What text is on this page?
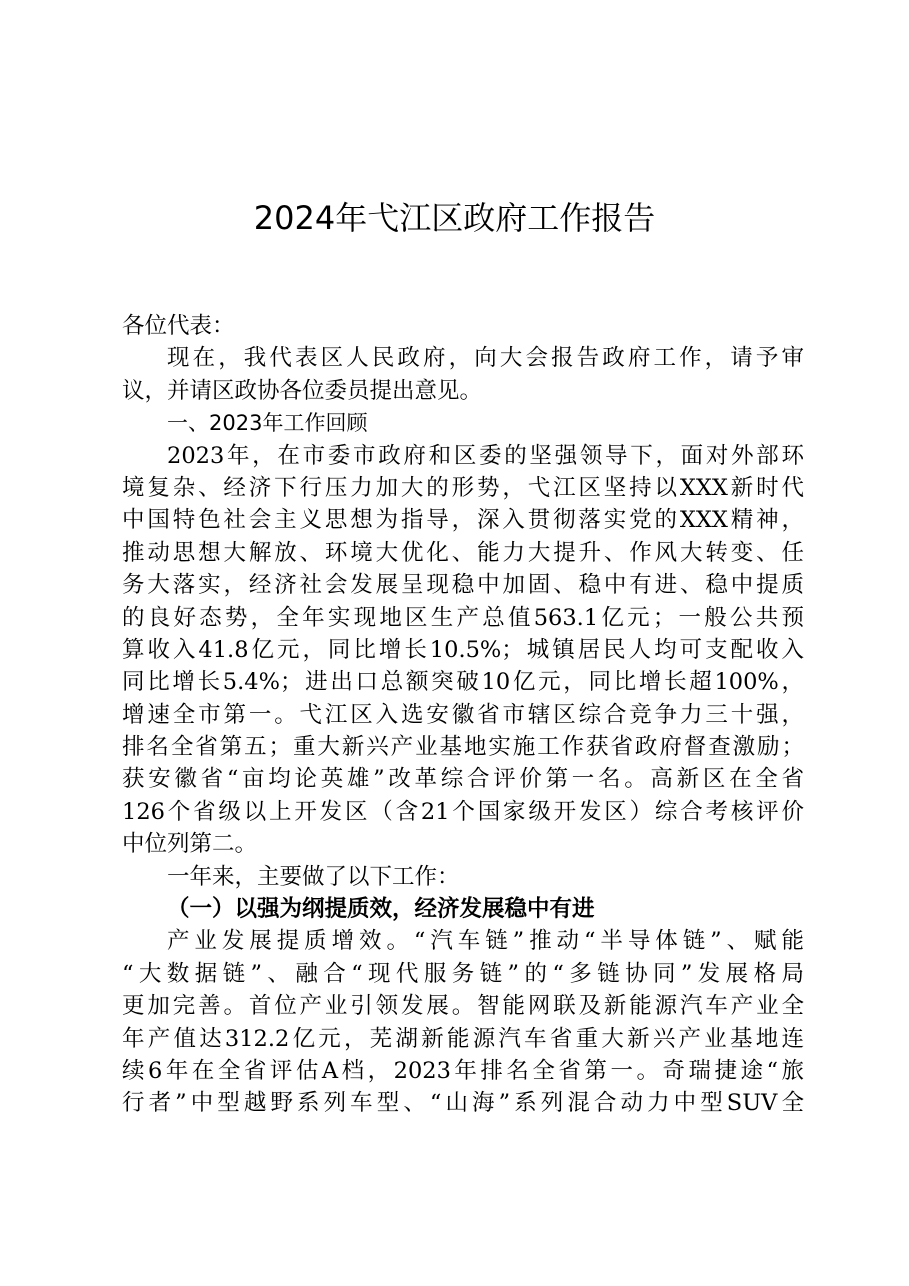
2024年弋江区政府工作报告
各位代表：
现在，我代表区人民政府，向大会报告政府工作，请予审
议，并请区政协各位委员提出意见。
一、2023年工作回顾
2023年，在市委市政府和区委的坚强领导下，面对外部环
境复杂、经济下行压力加大的形势，弋江区坚持以XXX新时代
中国特色社会主义思想为指导，深入贯彻落实党的XXX精神，
推动思想大解放、环境大优化、能力大提升、作风大转变、任
务大落实，经济社会发展呈现稳中加固、稳中有进、稳中提质
的良好态势，全年实现地区生产总值563.1亿元；一般公共预
算收入41.8亿元，同比增长10.5%；城镇居民人均可支配收入
同比增长5.4%；进出口总额突破10亿元，同比增长超100%，
增速全市第一。弋江区入选安徽省市辖区综合竞争力三十强，
排名全省第五；重大新兴产业基地实施工作获省政府督查激励；
获安徽省“亩均论英雄”改革综合评价第一名。高新区在全省
126个省级以上开发区（含21个国家级开发区）综合考核评价
中位列第二。
一年来，主要做了以下工作：
（一）以强为纲提质效，经济发展稳中有进
产业发展提质增效。“汽车链”推动“半导体链”、赋能
“大数据链”、融合“现代服务链”的“多链协同”发展格局
更加完善。首位产业引领发展。智能网联及新能源汽车产业全
年产值达312.2亿元，芜湖新能源汽车省重大新兴产业基地连
续6年在全省评估A档，2023年排名全省第一。奇瑞捷途“旅
行者”中型越野系列车型、“山海”系列混合动力中型SUV全
